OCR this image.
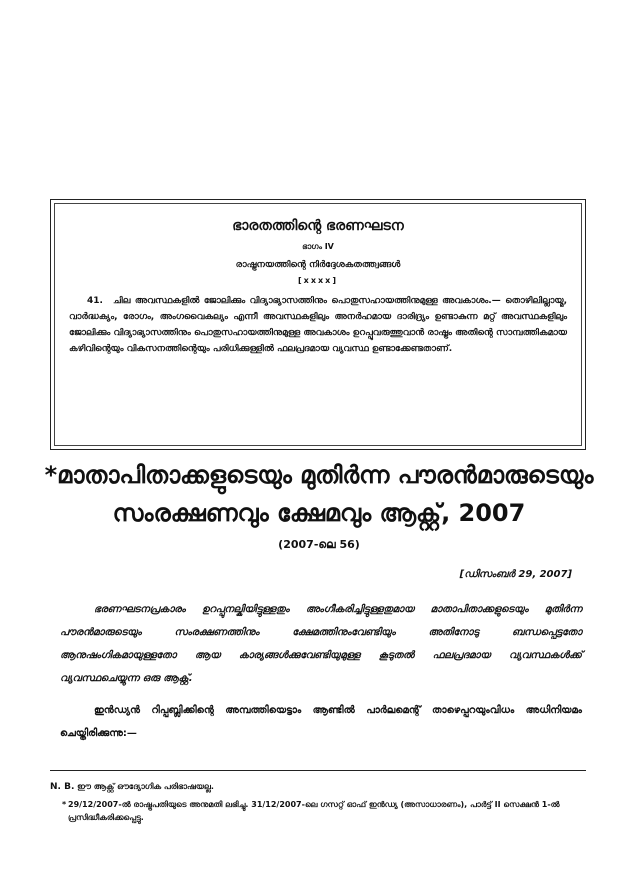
ഭാരതത്തിന്റെ ഭരണഘടന

ഭാഗം IV

രാഷ്ട്രനയത്തിന്റെ നിർദ്ദേശകതത്ത്വങ്ങൾ

[xxxx]

41. ചില അവസ്ഥകളിൽ ജോലിക്കും വിദ്യാഭ്യാസത്തിനും പൊതുസഹായത്തിനുമുള്ള അവകാശം.— തൊഴിലില്ലായ്മ, വാർദ്ധക്യം, രോഗം, അംഗവൈകല്യം എന്നീ അവസ്ഥകളിലും അനർഹമായ ദാരിദ്ര്യം ഉണ്ടാകുന്ന മറ്റ് അവസ്ഥകളിലും ജോലിക്കും വിദ്യാഭ്യാസത്തിനും പൊതുസഹായത്തിനുമുള്ള അവകാശം ഉറപ്പുവരുത്തുവാൻ രാഷ്ട്രം അതിന്റെ സാമ്പത്തികമായ കഴിവിന്റെയും വികസനത്തിന്റെയും പരിധിക്കുള്ളിൽ ഫലപ്രദമായ വ്യവസ്ഥ ഉണ്ടാക്കേണ്ടതാണ്.

*മാതാപിതാക്കളുടെയും മുതിർന്ന പൗരൻമാരുടെയും സംരക്ഷണവും ക്ഷേമവും ആക്റ്റ്, 2007

(2007-ലെ 56)

[ഡിസംബർ 29, 2007]

ഭരണഘടനപ്രകാരം ഉറപ്പുനല്കിയിട്ടുള്ളതും അംഗീകരിച്ചിട്ടുള്ളതുമായ മാതാപിതാക്കളുടെയും മുതിർന്ന പൗരൻമാരുടെയും സംരക്ഷണത്തിനും ക്ഷേമത്തിനുംവേണ്ടിയും അതിനോടു ബന്ധപ്പെട്ടതോ ആനുഷംഗികമായുള്ളതോ ആയ കാര്യങ്ങൾക്കുവേണ്ടിയുമുള്ള കൂടുതൽ ഫലപ്രദമായ വ്യവസ്ഥകൾക്ക് വ്യവസ്ഥചെയ്യുന്ന ഒരു ആക്റ്റ്.

ഇൻഡ്യൻ റിപ്പബ്ലിക്കിന്റെ അമ്പത്തിയെട്ടാം ആണ്ടിൽ പാർലമെന്റ് താഴെപ്പറയുംവിധം അധിനിയമം ചെയ്തിരിക്കുന്നു:—

N. B. ഈ ആക്റ്റ് ഔദ്യോഗിക പരിഭാഷയല്ല.

* 29/12/2007-ൽ രാഷ്ട്രപതിയുടെ അനുമതി ലഭിച്ചു. 31/12/2007-ലെ ഗസറ്റ് ഓഫ് ഇൻഡ്യ (അസാധാരണം), പാർട്ട് II സെക്ഷൻ 1-ൽ പ്രസിദ്ധീകരിക്കപ്പെട്ടു.
